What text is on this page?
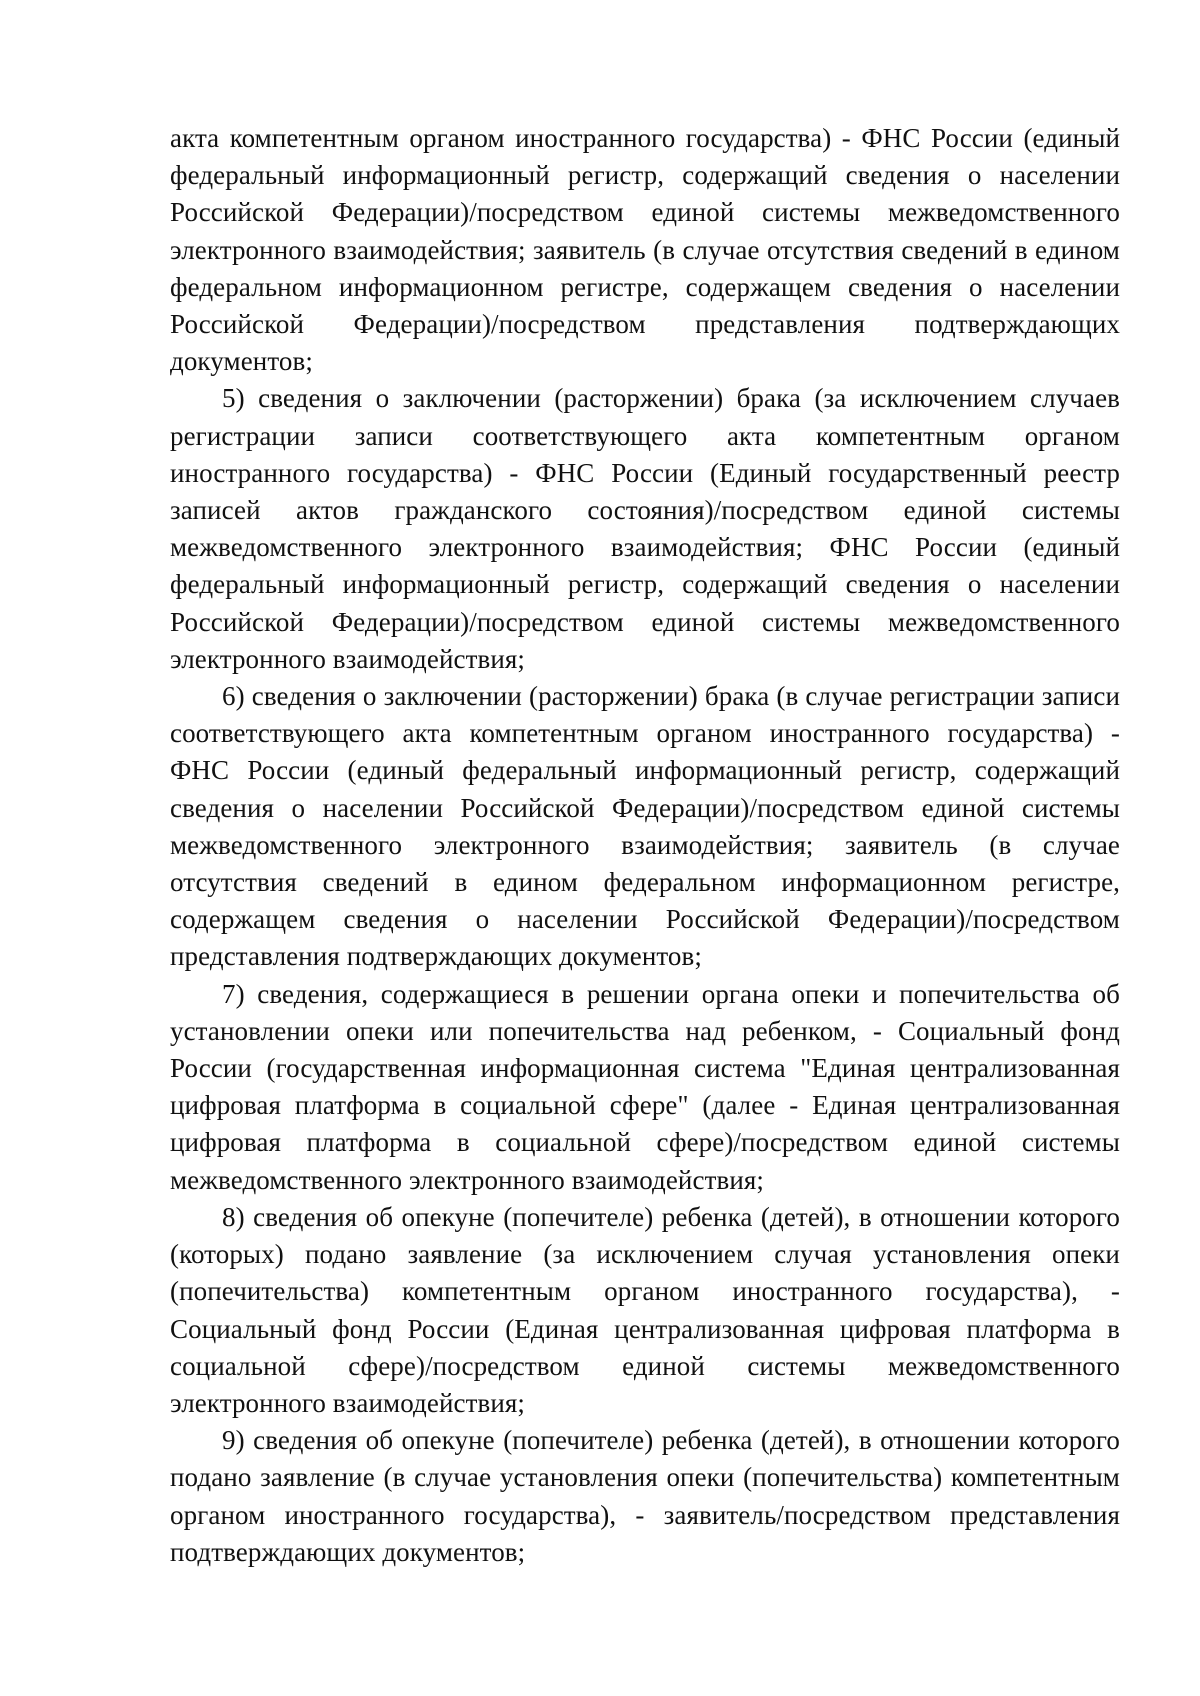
акта компетентным органом иностранного государства) - ФНС России (единый федеральный информационный регистр, содержащий сведения о населении Российской Федерации)/посредством единой системы межведомственного электронного взаимодействия; заявитель (в случае отсутствия сведений в едином федеральном информационном регистре, содержащем сведения о населении Российской Федерации)/посредством представления подтверждающих документов;

5) сведения о заключении (расторжении) брака (за исключением случаев регистрации записи соответствующего акта компетентным органом иностранного государства) - ФНС России (Единый государственный реестр записей актов гражданского состояния)/посредством единой системы межведомственного электронного взаимодействия; ФНС России (единый федеральный информационный регистр, содержащий сведения о населении Российской Федерации)/посредством единой системы межведомственного электронного взаимодействия;

6) сведения о заключении (расторжении) брака (в случае регистрации записи соответствующего акта компетентным органом иностранного государства) - ФНС России (единый федеральный информационный регистр, содержащий сведения о населении Российской Федерации)/посредством единой системы межведомственного электронного взаимодействия; заявитель (в случае отсутствия сведений в едином федеральном информационном регистре, содержащем сведения о населении Российской Федерации)/посредством представления подтверждающих документов;

7) сведения, содержащиеся в решении органа опеки и попечительства об установлении опеки или попечительства над ребенком, - Социальный фонд России (государственная информационная система "Единая централизованная цифровая платформа в социальной сфере" (далее - Единая централизованная цифровая платформа в социальной сфере)/посредством единой системы межведомственного электронного взаимодействия;

8) сведения об опекуне (попечителе) ребенка (детей), в отношении которого (которых) подано заявление (за исключением случая установления опеки (попечительства) компетентным органом иностранного государства), - Социальный фонд России (Единая централизованная цифровая платформа в социальной сфере)/посредством единой системы межведомственного электронного взаимодействия;

9) сведения об опекуне (попечителе) ребенка (детей), в отношении которого подано заявление (в случае установления опеки (попечительства) компетентным органом иностранного государства), - заявитель/посредством представления подтверждающих документов;
